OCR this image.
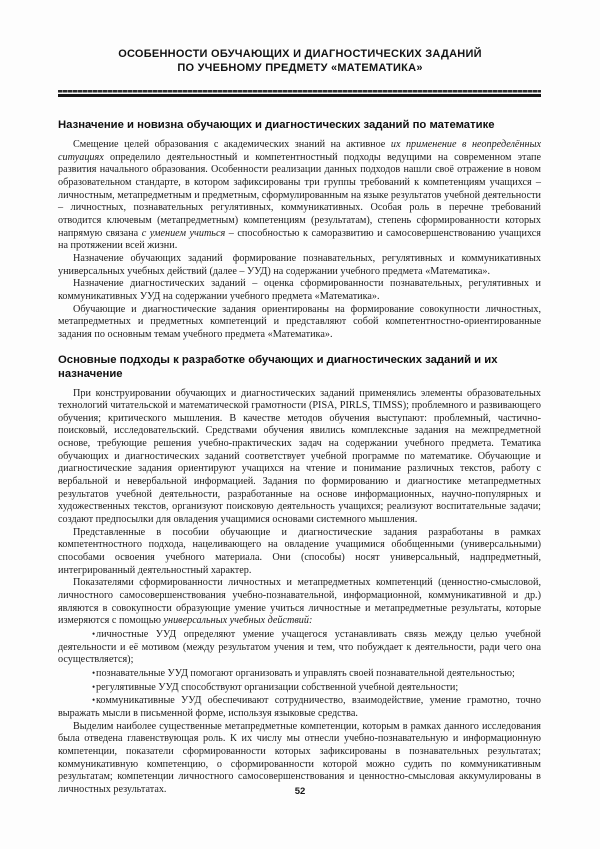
ОСОБЕННОСТИ ОБУЧАЮЩИХ И ДИАГНОСТИЧЕСКИХ ЗАДАНИЙ
ПО УЧЕБНОМУ ПРЕДМЕТУ «МАТЕМАТИКА»
Назначение и новизна обучающих и диагностических заданий по математике

Смещение целей образования с академических знаний на активное их применение в неопределённых ситуациях определило деятельностный и компетентностный подходы ведущими на современном этапе развития начального образования. Особенности реализации данных подходов нашли своё отражение в новом образовательном стандарте, в котором зафиксированы три группы требований к компетенциям учащихся – личностным, метапредметным и предметным, сформулированным на языке результатов учебной деятельности – личностных, познавательных регулятивных, коммуникативных. Особая роль в перечне требований отводится ключевым (метапредметным) компетенциям (результатам), степень сформированности которых напрямую связана с умением учиться – способностью к саморазвитию и самосовершенствованию учащихся на протяжении всей жизни.

Назначение обучающих заданий  формирование познавательных, регулятивных и коммуникативных универсальных учебных действий (далее – УУД) на содержании учебного предмета «Математика».

Назначение диагностических заданий – оценка сформированности познавательных, регулятивных и коммуникативных УУД на содержании учебного предмета «Математика».

Обучающие и диагностические задания ориентированы на формирование совокупности личностных, метапредметных и предметных компетенций и представляют собой компетентностно-ориентированные задания по основным темам учебного предмета «Математика».

Основные подходы к разработке обучающих и диагностических заданий и их назначение

При конструировании обучающих и диагностических заданий применялись элементы образовательных технологий читательской и математической грамотности (PISA, PIRLS, TIMSS); проблемного и развивающего обучения; критического мышления. В качестве методов обучения выступают: проблемный, частично-поисковый, исследовательский. Средствами обучения явились комплексные задания на межпредметной основе, требующие решения учебно-практических задач на содержании учебного предмета. Тематика обучающих и диагностических заданий соответствует учебной программе по математике. Обучающие и диагностические задания ориентируют учащихся на чтение и понимание различных текстов, работу с вербальной и невербальной информацией. Задания по формированию и диагностике метапредметных результатов учебной деятельности, разработанные на основе информационных, научно-популярных и художественных текстов, организуют поисковую деятельность учащихся; реализуют воспитательные задачи; создают предпосылки для овладения учащимися основами системного мышления.

Представленные в пособии обучающие и диагностические задания разработаны в рамках компетентностного подхода, нацеливающего на овладение учащимися обобщенными (универсальными) способами освоения учебного материала. Они (способы) носят универсальный, надпредметный, интегрированный деятельностный характер.

Показателями сформированности личностных и метапредметных компетенций (ценностно-смысловой, личностного самосовершенствования учебно-познавательной, информационной, коммуникативной и др.) являются в совокупности образующие умение учиться личностные и метапредметные результаты, которые измеряются с помощью универсальных учебных действий:

•личностные УУД определяют умение учащегося устанавливать связь между целью учебной деятельности и её мотивом (между результатом учения и тем, что побуждает к деятельности, ради чего она осуществляется);

•познавательные УУД помогают организовать и управлять своей познавательной деятельностью;

•регулятивные УУД способствуют организации собственной учебной деятельности;

•коммуникативные УУД обеспечивают сотрудничество, взаимодействие, умение грамотно, точно выражать мысли в письменной форме, используя языковые средства.

Выделим наиболее существенные метапредметные компетенции, которым в рамках данного исследования была отведена главенствующая роль. К их числу мы отнесли учебно-познавательную и информационную компетенции, показатели сформированности которых зафиксированы в познавательных результатах; коммуникативную компетенцию, о сформированности которой можно судить по коммуникативным результатам; компетенции личностного самосовершенствования и ценностно-смысловая аккумулированы в личностных результатах.	52
